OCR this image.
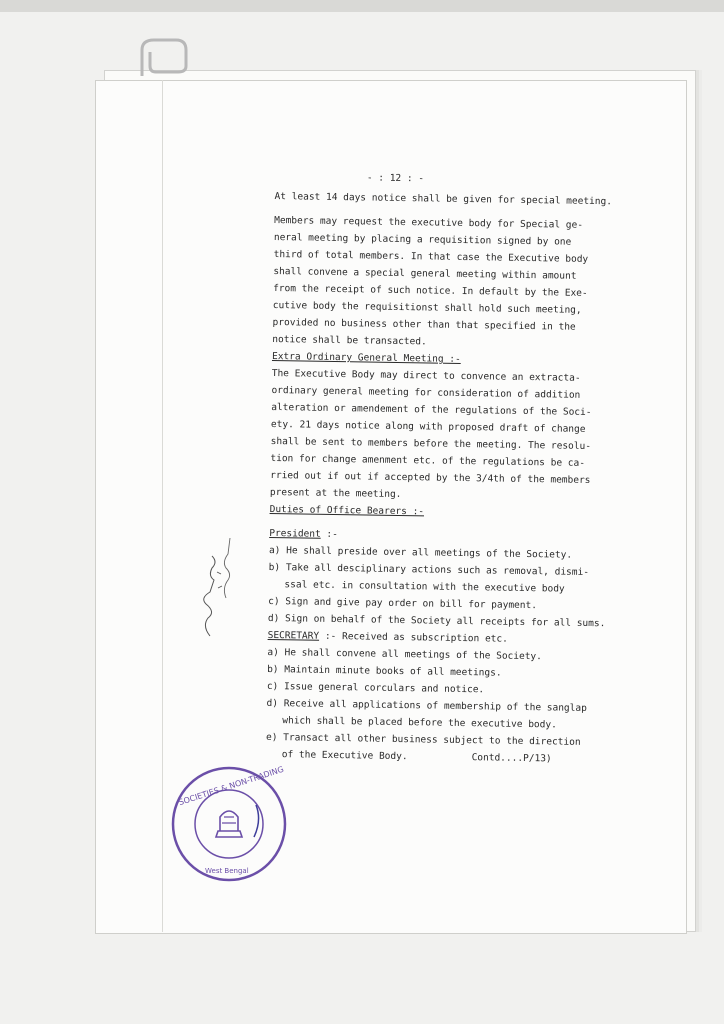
- : 12 : -
At least 14 days notice shall be given for special meeting.
Members may request the executive body for Special ge-
neral meeting by placing a requisition signed by one
third of total members. In that case the Executive body
shall convene a special general meeting within amount
from the receipt of such notice. In default by the Exe-
cutive body the requisitionst shall hold such meeting,
provided no business other than that specified in the
notice shall be transacted.
Extra Ordinary General Meeting :-
The Executive Body may direct to convence an extracta-
ordinary general meeting for consideration of addition
alteration or amendement of the regulations of the Soci-
ety. 21 days notice along with proposed draft of change
shall be sent to members before the meeting. The resolu-
tion for change amenment etc. of the regulations be ca-
rried out if out if accepted by the 3/4th of the members
present at the meeting.
Duties of Office Bearers :-
President :-
a) He shall preside over all meetings of the Society.
b) Take all desciplinary actions such as removal, dismi-
ssal etc. in consultation with the executive body
c) Sign and give pay order on bill for payment.
d) Sign on behalf of the Society all receipts for all sums.
SECRETARY :- Received as subscription etc.
a) He shall convene all meetings of the Society.
b) Maintain minute books of all meetings.
c) Issue general corculars and notice.
d) Receive all applications of membership of the sanglap
which shall be placed before the executive body.
e) Transact all other business subject to the direction
of the Executive Body.	Contd....P/13)
SOCIETIES & NON-TRADING
West Bengal
